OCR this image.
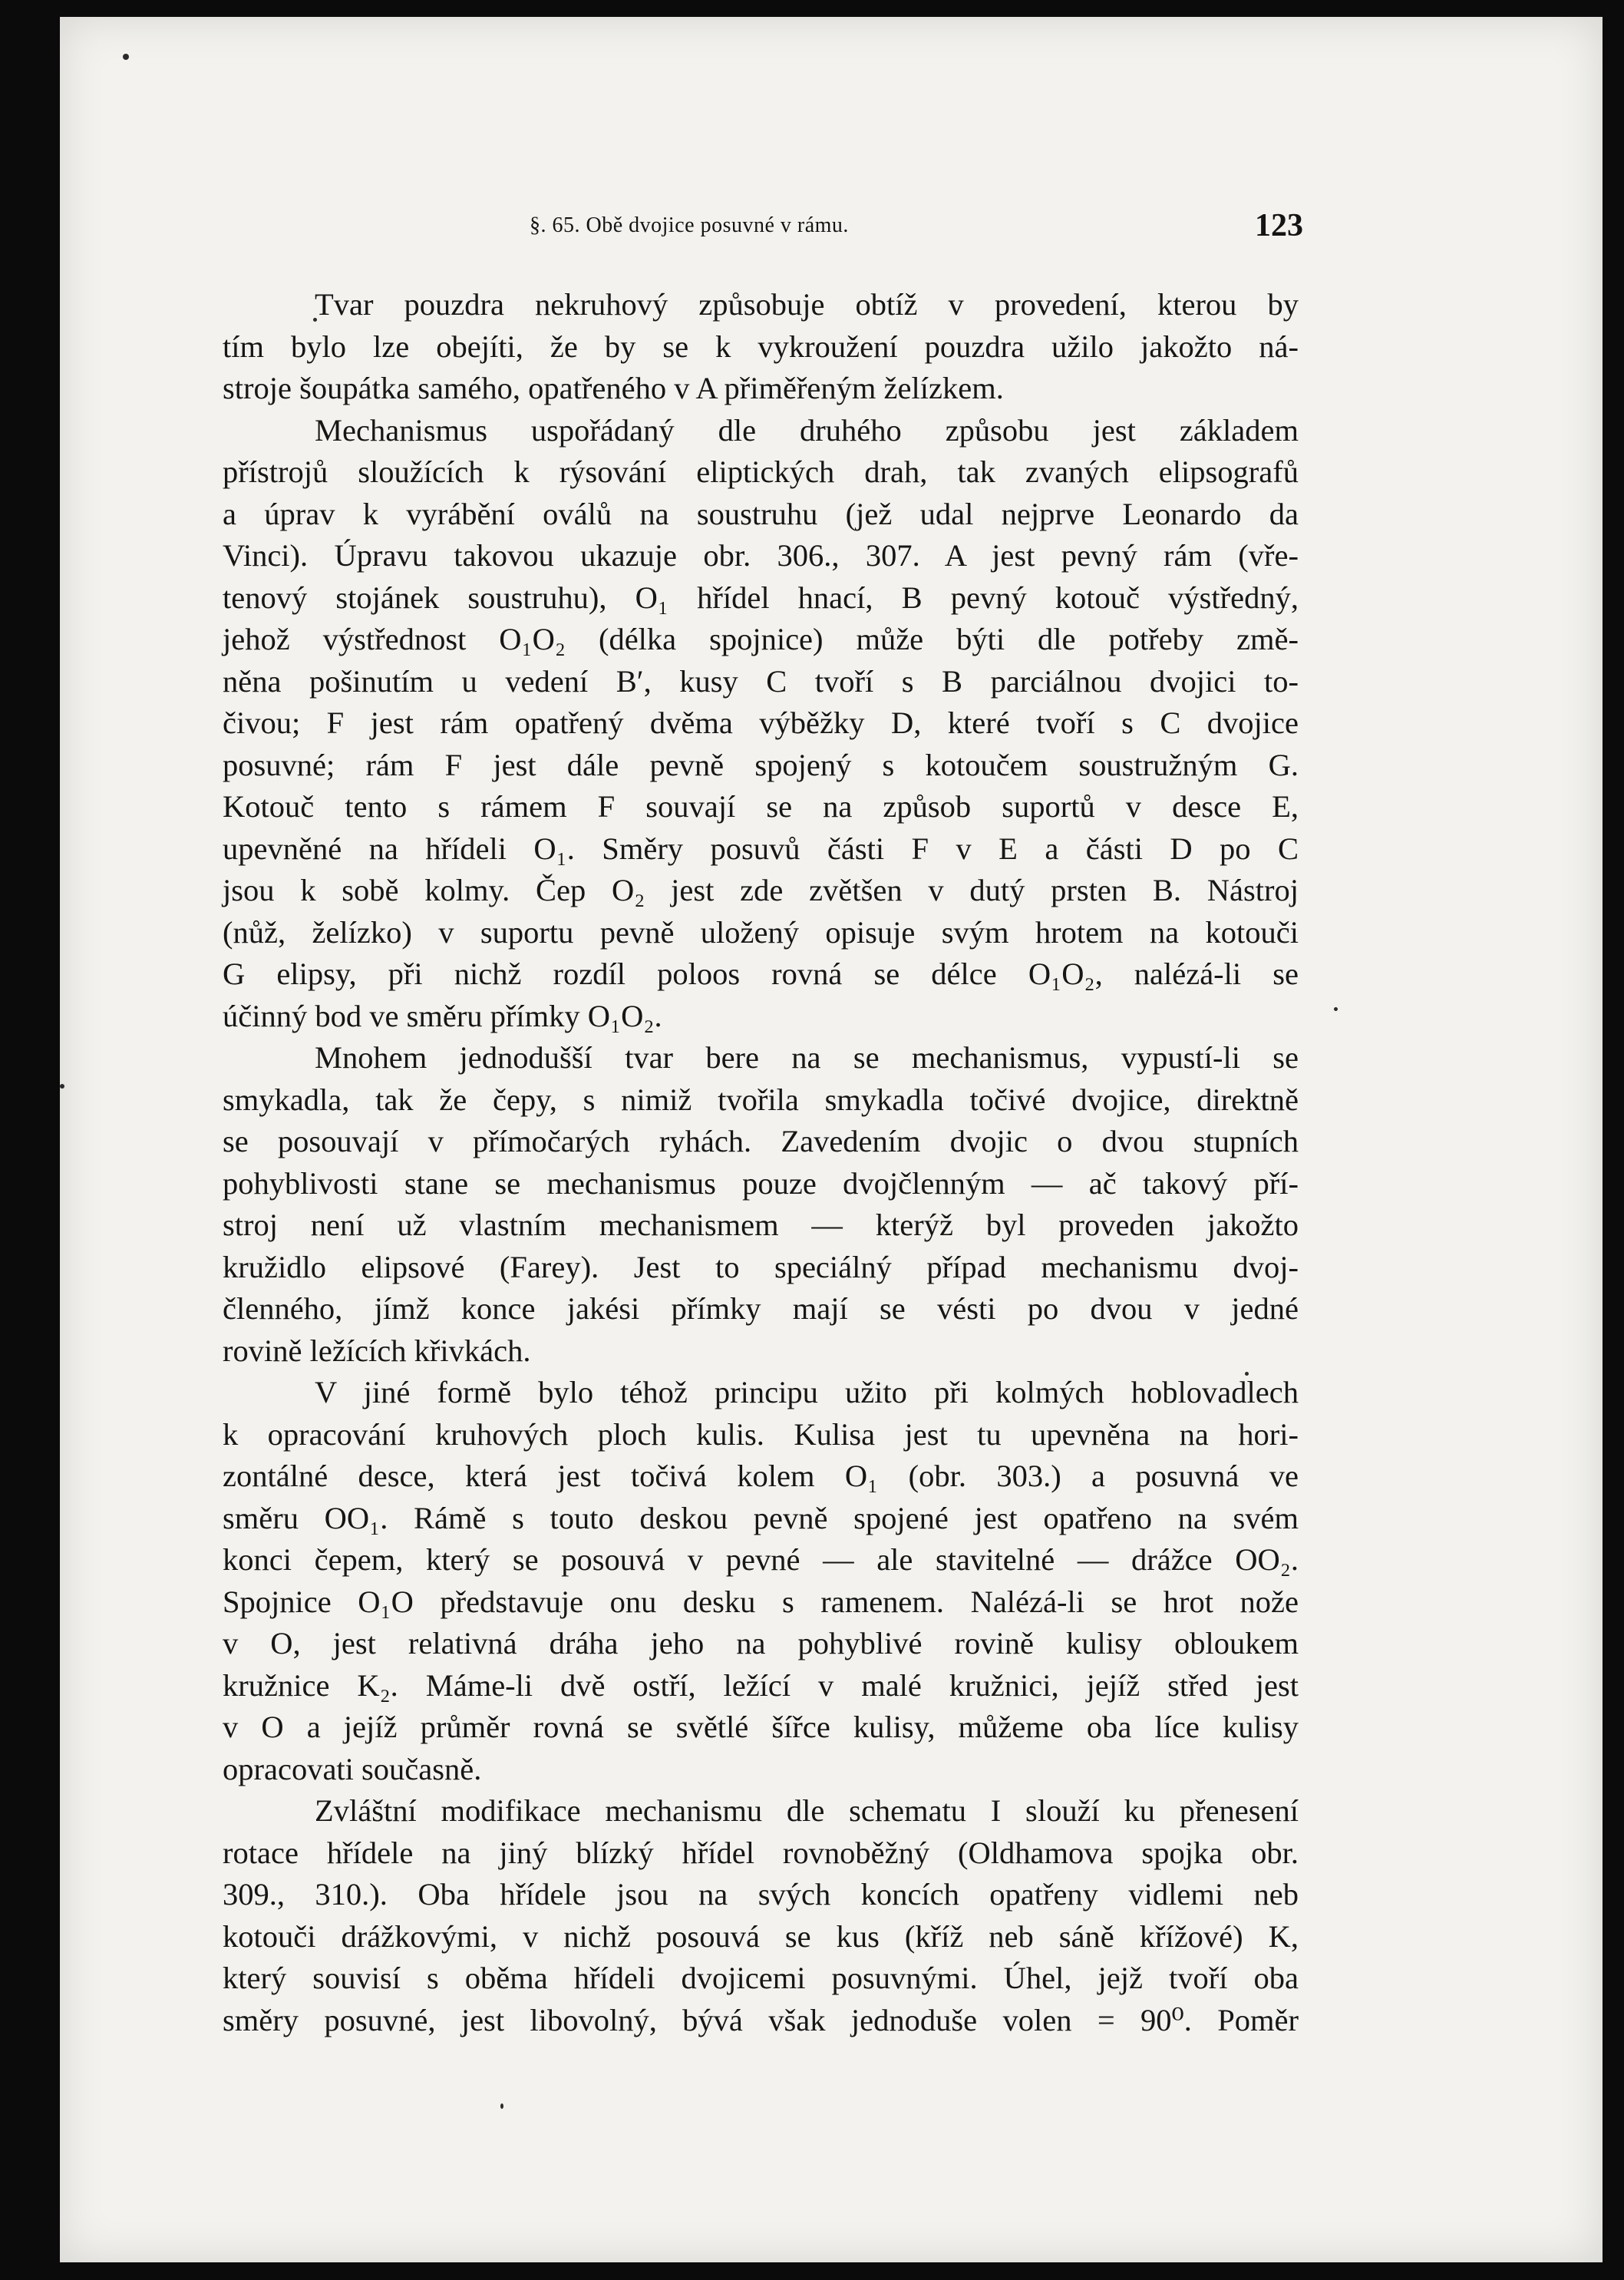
§. 65. Obě dvojice posuvné v rámu.	123

Tvar pouzdra nekruhový způsobuje obtíž v provedení, kterou by
tím bylo lze obejíti, že by se k vykroužení pouzdra užilo jakožto ná-
stroje šoupátka samého, opatřeného v A přiměřeným želízkem.

Mechanismus uspořádaný dle druhého způsobu jest základem
přístrojů sloužících k rýsování eliptických drah, tak zvaných elipsografů
a úprav k vyrábění oválů na soustruhu (jež udal nejprve Leonardo da
Vinci). Úpravu takovou ukazuje obr. 306., 307. A jest pevný rám (vře-
tenový stojánek soustruhu), O₁ hřídel hnací, B pevný kotouč výstředný,
jehož výstřednost O₁O₂ (délka spojnice) může býti dle potřeby změ-
něna pošinutím u vedení B′, kusy C tvoří s B parciálnou dvojici to-
čivou; F jest rám opatřený dvěma výběžky D, které tvoří s C dvojice
posuvné; rám F jest dále pevně spojený s kotoučem soustružným G.
Kotouč tento s rámem F souvají se na způsob suportů v desce E,
upevněné na hřídeli O₁. Směry posuvů části F v E a části D po C
jsou k sobě kolmy. Čep O₂ jest zde zvětšen v dutý prsten B. Nástroj
(nůž, želízko) v suportu pevně uložený opisuje svým hrotem na kotouči
G elipsy, při nichž rozdíl poloos rovná se délce O₁O₂, nalézá-li se
účinný bod ve směru přímky O₁O₂.

Mnohem jednodušší tvar bere na se mechanismus, vypustí-li se
smykadla, tak že čepy, s nimiž tvořila smykadla točivé dvojice, direktně
se posouvají v přímočarých ryhách. Zavedením dvojic o dvou stupních
pohyblivosti stane se mechanismus pouze dvojčlenným — ač takový pří-
stroj není už vlastním mechanismem — kterýž byl proveden jakožto
kružidlo elipsové (Farey). Jest to speciálný případ mechanismu dvoj-
členného, jímž konce jakési přímky mají se vésti po dvou v jedné
rovině ležících křivkách.

V jiné formě bylo téhož principu užito při kolmých hoblovadlech
k opracování kruhových ploch kulis. Kulisa jest tu upevněna na hori-
zontálné desce, která jest točivá kolem O₁ (obr. 303.) a posuvná ve
směru OO₁. Rámě s touto deskou pevně spojené jest opatřeno na svém
konci čepem, který se posouvá v pevné — ale stavitelné — drážce OO₂.
Spojnice O₁O představuje onu desku s ramenem. Nalézá-li se hrot nože
v O, jest relativná dráha jeho na pohyblivé rovině kulisy obloukem
kružnice K₂. Máme-li dvě ostří, ležící v malé kružnici, jejíž střed jest
v O a jejíž průměr rovná se světlé šířce kulisy, můžeme oba líce kulisy
opracovati současně.

Zvláštní modifikace mechanismu dle schematu I slouží ku přenesení
rotace hřídele na jiný blízký hřídel rovnoběžný (Oldhamova spojka obr.
309., 310.). Oba hřídele jsou na svých koncích opatřeny vidlemi neb
kotouči drážkovými, v nichž posouvá se kus (kříž neb sáně křížové) K,
který souvisí s oběma hřídeli dvojicemi posuvnými. Úhel, jejž tvoří oba
směry posuvné, jest libovolný, bývá však jednoduše volen = 90⁰. Poměr
